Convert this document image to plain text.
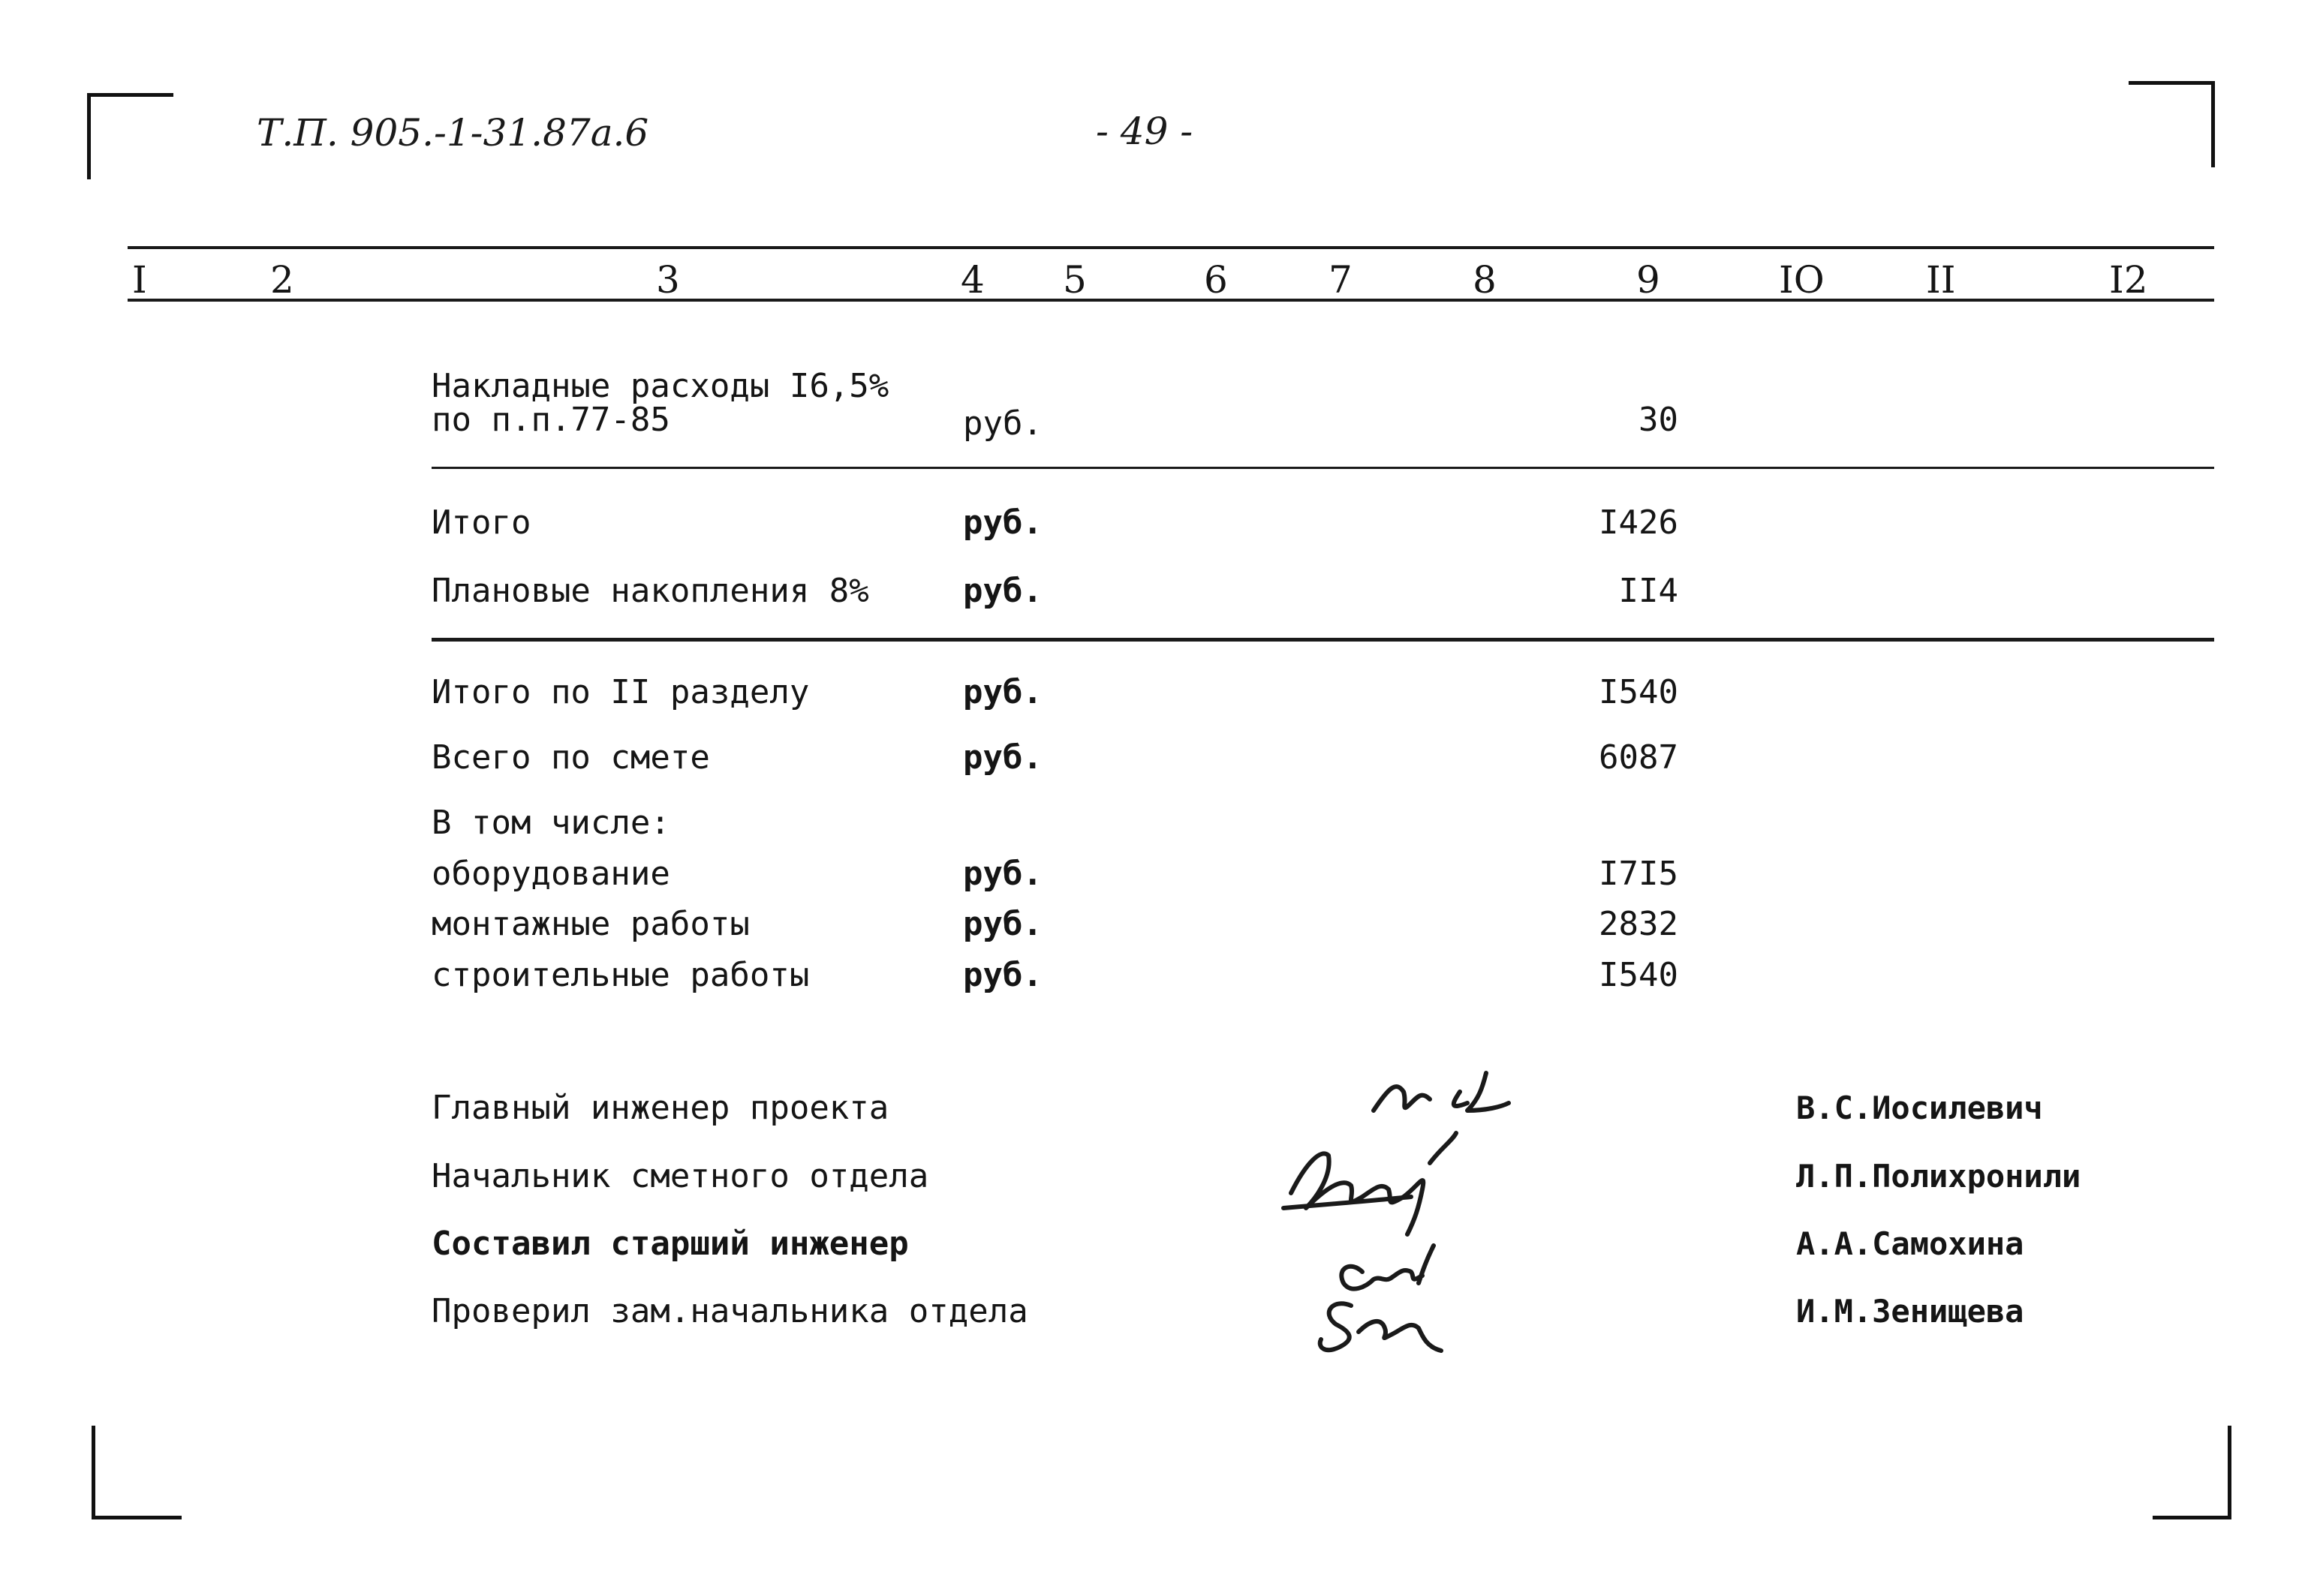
Т.П. 905.-1-31.87а.6	- 49 -
I	2	3	4 5	6	7	8	9	IO	II	I2
Накладные расходы I6,5%
по п.п.77-85	руб.	30
Итого	руб.	I426
Плановые накопления 8%	руб.	II4
Итого по II разделу	руб.	I540
Всего по смете	руб.	6087
В том числе:
оборудование	руб.	I7I5
монтажные работы	руб.	2832
строительные работы	руб.	I540
Главный инженер проекта	В.С.Иосилевич
Начальник сметного отдела	Л.П.Полихронили
Составил старший инженер	А.А.Самохина
Проверил зам.начальника отдела	И.М.Зенищева
